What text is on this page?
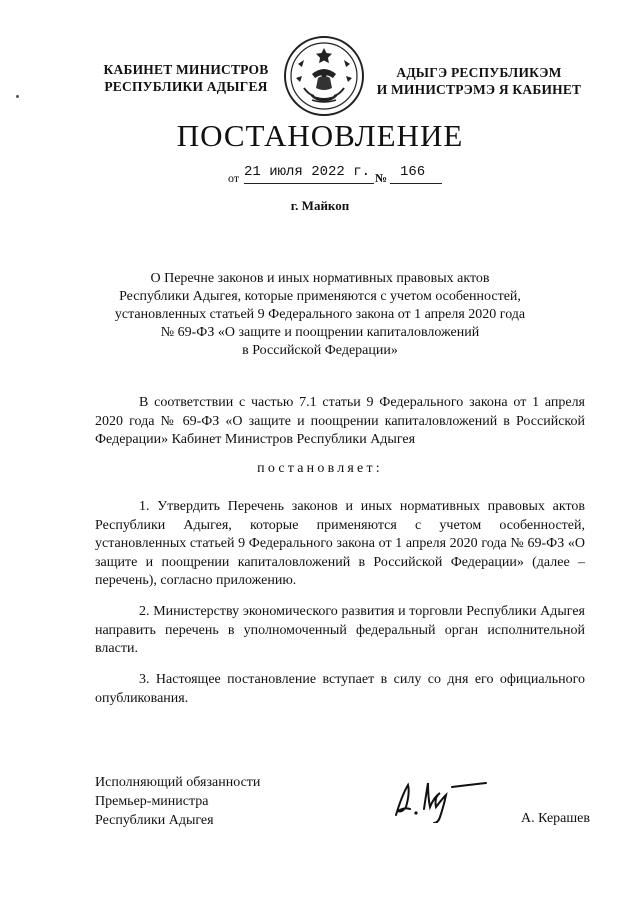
КАБИНЕТ МИНИСТРОВ
РЕСПУБЛИКИ АДЫГЕЯ
АДЫГЭ РЕСПУБЛИКЭМ
И МИНИСТРЭМЭ Я КАБИНЕТ
ПОСТАНОВЛЕНИЕ
от 21 июля 2022 г. № 166
г. Майкоп
О Перечне законов и иных нормативных правовых актов
Республики Адыгея, которые применяются с учетом особенностей,
установленных статьей 9 Федерального закона от 1 апреля 2020 года
№ 69-ФЗ «О защите и поощрении капиталовложений
в Российской Федерации»
В соответствии с частью 7.1 статьи 9 Федерального закона от 1 апреля 2020 года № 69-ФЗ «О защите и поощрении капиталовложений в Российской Федерации» Кабинет Министров Республики Адыгея
постановляет:
1. Утвердить Перечень законов и иных нормативных правовых актов Республики Адыгея, которые применяются с учетом особенностей, установленных статьей 9 Федерального закона от 1 апреля 2020 года № 69-ФЗ «О защите и поощрении капиталовложений в Российской Федерации» (далее – перечень), согласно приложению.
2. Министерству экономического развития и торговли Республики Адыгея направить перечень в уполномоченный федеральный орган исполнительной власти.
3. Настоящее постановление вступает в силу со дня его официального опубликования.
Исполняющий обязанности
Премьер-министра
Республики Адыгея	А. Керашев
